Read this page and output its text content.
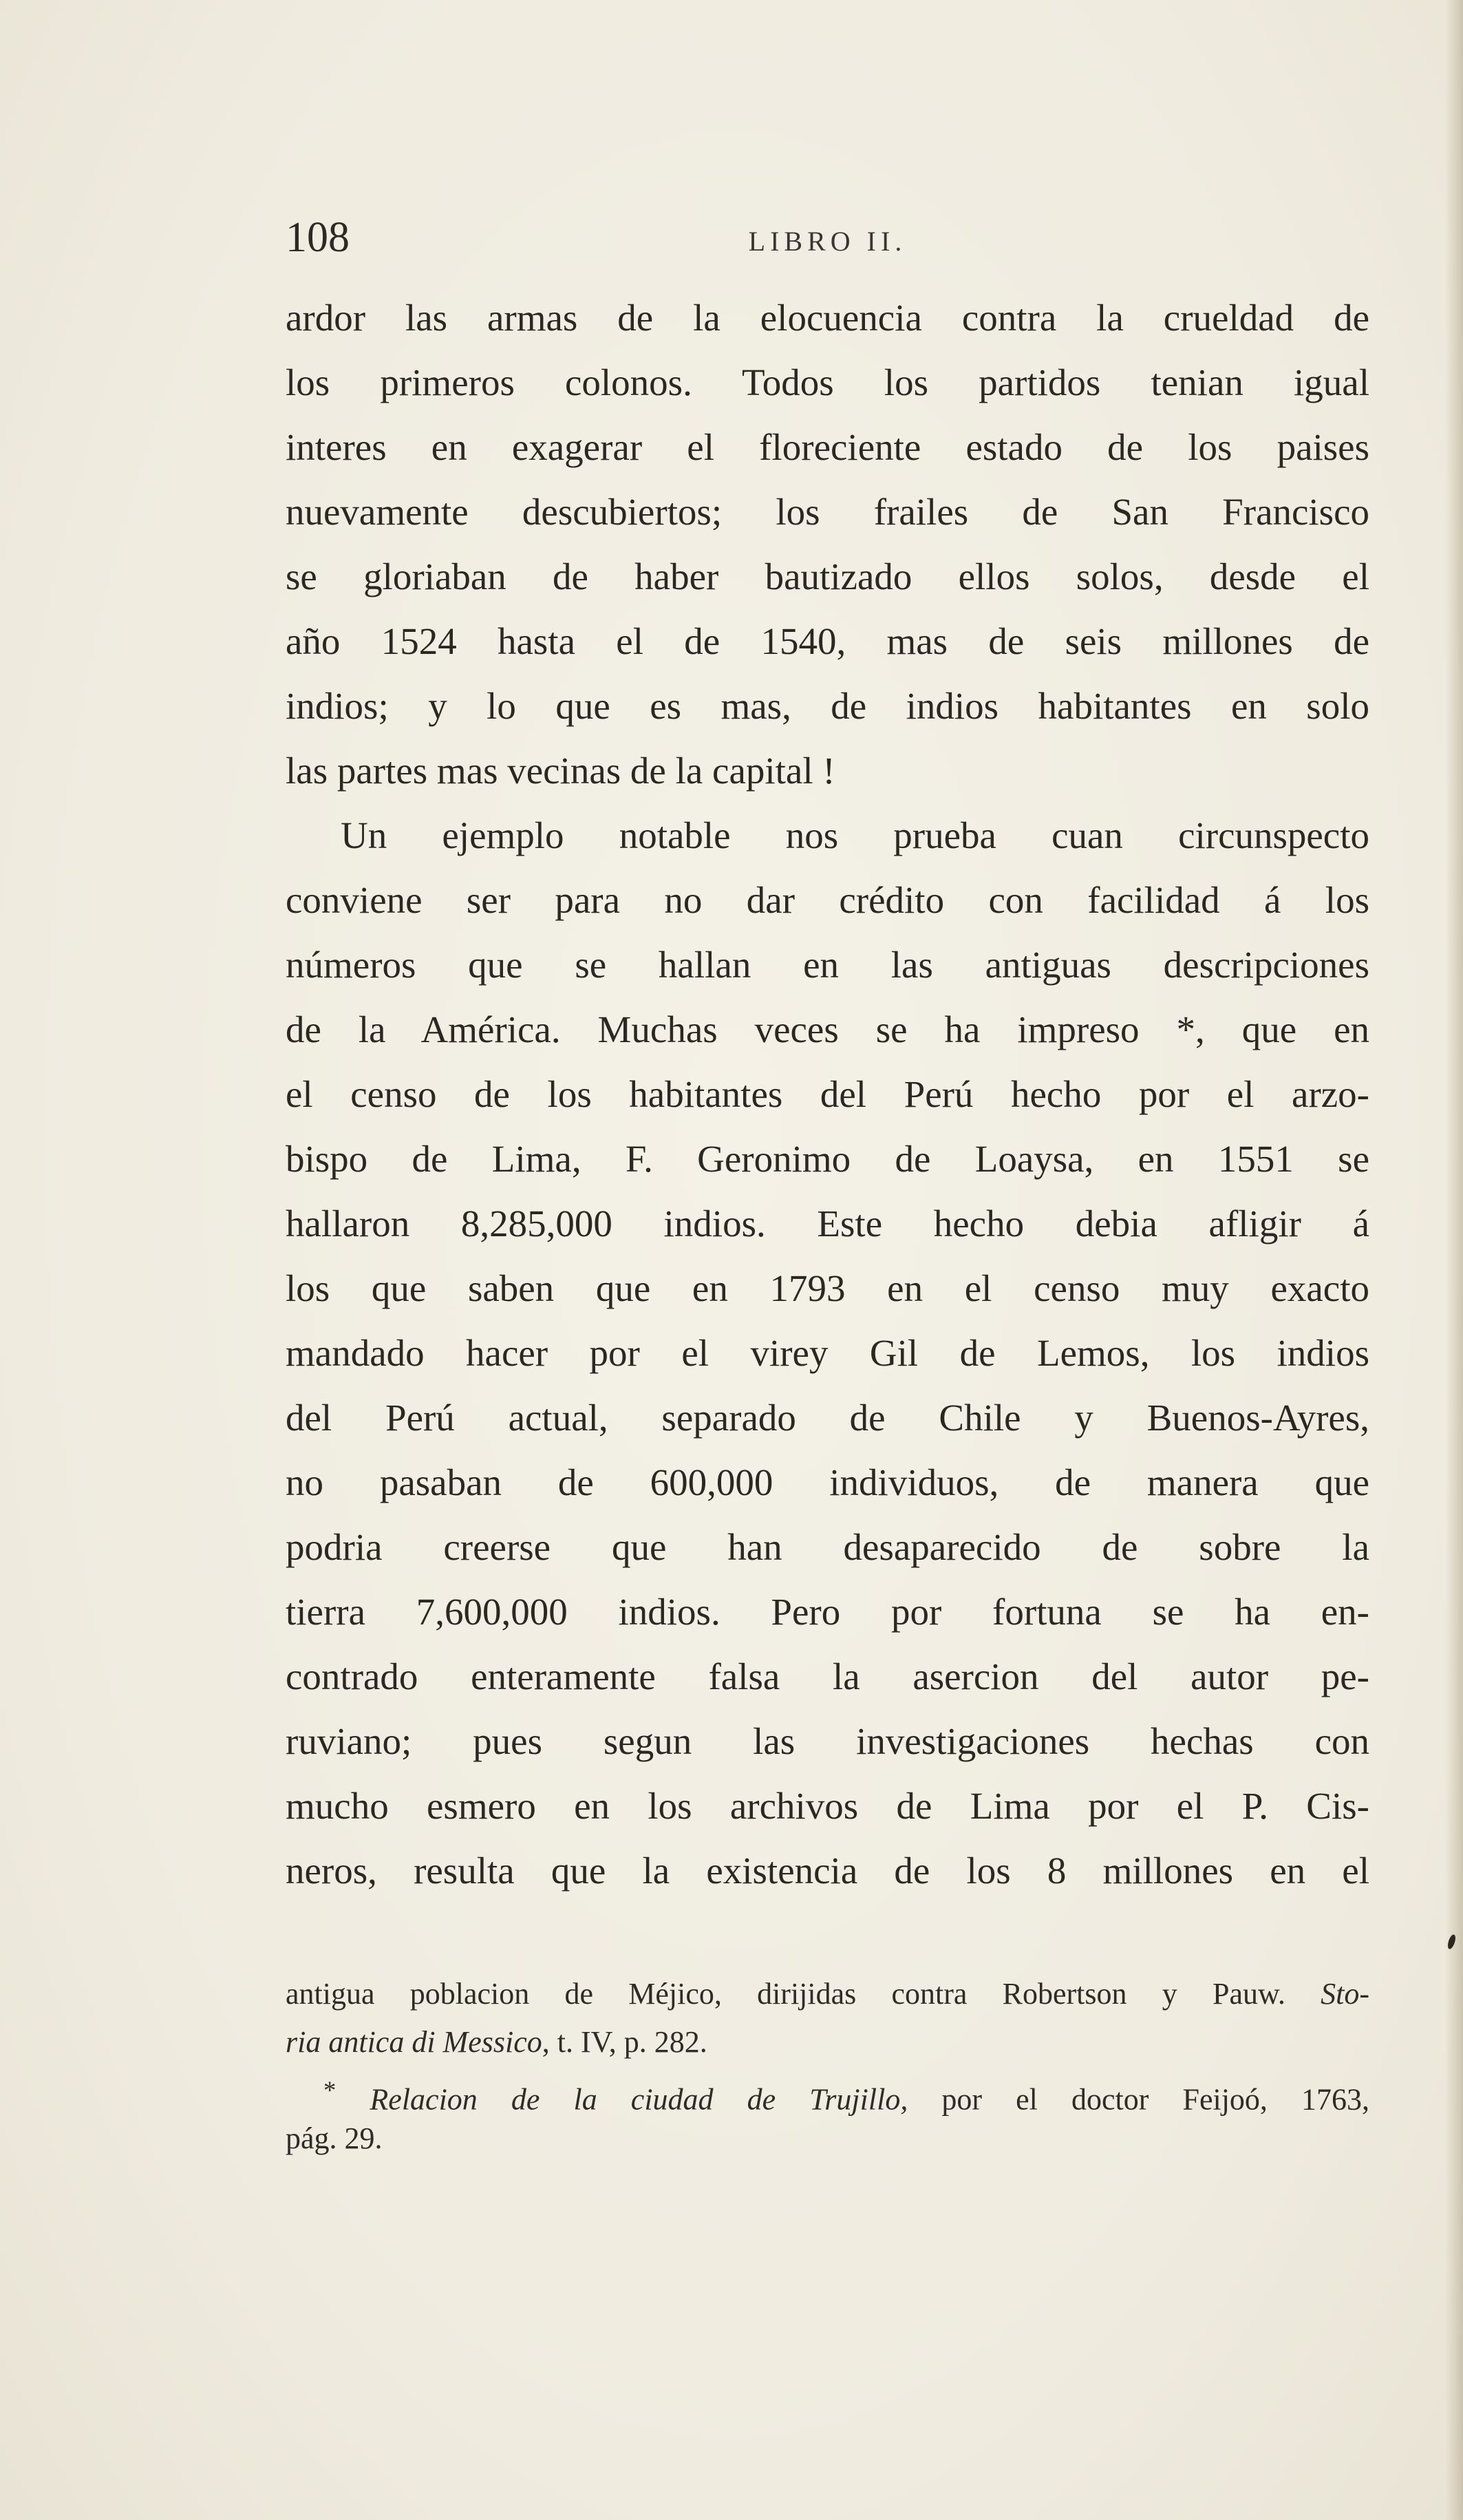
108	LIBRO II.
ardor las armas de la elocuencia contra la crueldad de
los primeros colonos. Todos los partidos tenian igual
interes en exagerar el floreciente estado de los paises
nuevamente descubiertos; los frailes de San Francisco
se gloriaban de haber bautizado ellos solos, desde el
año 1524 hasta el de 1540, mas de seis millones de
indios; y lo que es mas, de indios habitantes en solo
las partes mas vecinas de la capital !
Un ejemplo notable nos prueba cuan circunspecto
conviene ser para no dar crédito con facilidad á los
números que se hallan en las antiguas descripciones
de la América. Muchas veces se ha impreso *, que en
el censo de los habitantes del Perú hecho por el arzo-
bispo de Lima, F. Geronimo de Loaysa, en 1551 se
hallaron 8,285,000 indios. Este hecho debia afligir á
los que saben que en 1793 en el censo muy exacto
mandado hacer por el virey Gil de Lemos, los indios
del Perú actual, separado de Chile y Buenos-Ayres,
no pasaban de 600,000 individuos, de manera que
podria creerse que han desaparecido de sobre la
tierra 7,600,000 indios. Pero por fortuna se ha en-
contrado enteramente falsa la asercion del autor pe-
ruviano; pues segun las investigaciones hechas con
mucho esmero en los archivos de Lima por el P. Cis-
neros, resulta que la existencia de los 8 millones en el
antigua poblacion de Méjico, dirijidas contra Robertson y Pauw. Sto-
ria antica di Messico, t. IV, p. 282.
* Relacion de la ciudad de Trujillo, por el doctor Feijoó, 1763,
pág. 29.
